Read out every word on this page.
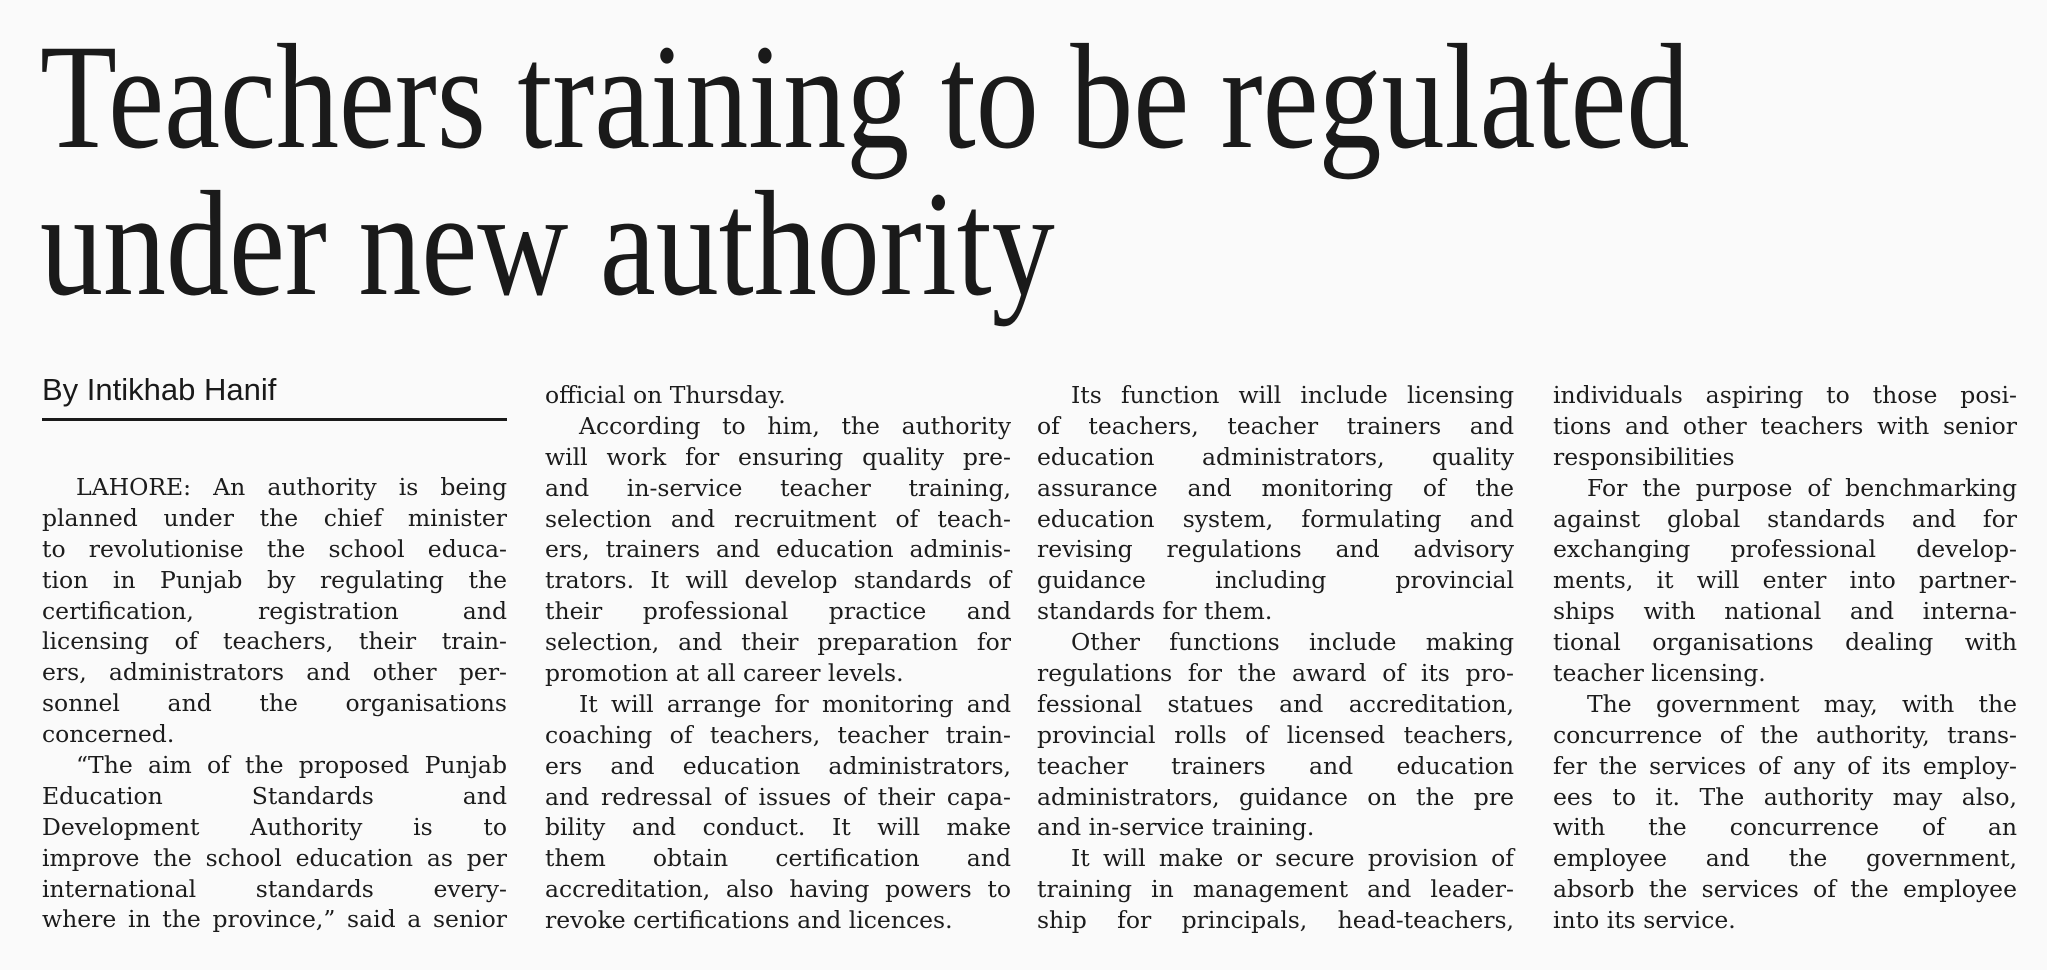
Teachers training to be regulated
under new authority
By Intikhab Hanif
LAHORE: An authority is being
planned under the chief minister
to revolutionise the school educa-
tion in Punjab by regulating the
certification, registration and
licensing of teachers, their train-
ers, administrators and other per-
sonnel and the organisations
concerned.
“The aim of the proposed Punjab
Education Standards and
Development Authority is to
improve the school education as per
international standards every-
where in the province,” said a senior
official on Thursday.
According to him, the authority
will work for ensuring quality pre-
and in-service teacher training,
selection and recruitment of teach-
ers, trainers and education adminis-
trators. It will develop standards of
their professional practice and
selection, and their preparation for
promotion at all career levels.
It will arrange for monitoring and
coaching of teachers, teacher train-
ers and education administrators,
and redressal of issues of their capa-
bility and conduct. It will make
them obtain certification and
accreditation, also having powers to
revoke certifications and licences.
Its function will include licensing
of teachers, teacher trainers and
education administrators, quality
assurance and monitoring of the
education system, formulating and
revising regulations and advisory
guidance including provincial
standards for them.
Other functions include making
regulations for the award of its pro-
fessional statues and accreditation,
provincial rolls of licensed teachers,
teacher trainers and education
administrators, guidance on the pre
and in-service training.
It will make or secure provision of
training in management and leader-
ship for principals, head-teachers,
individuals aspiring to those posi-
tions and other teachers with senior
responsibilities
For the purpose of benchmarking
against global standards and for
exchanging professional develop-
ments, it will enter into partner-
ships with national and interna-
tional organisations dealing with
teacher licensing.
The government may, with the
concurrence of the authority, trans-
fer the services of any of its employ-
ees to it. The authority may also,
with the concurrence of an
employee and the government,
absorb the services of the employee
into its service.
